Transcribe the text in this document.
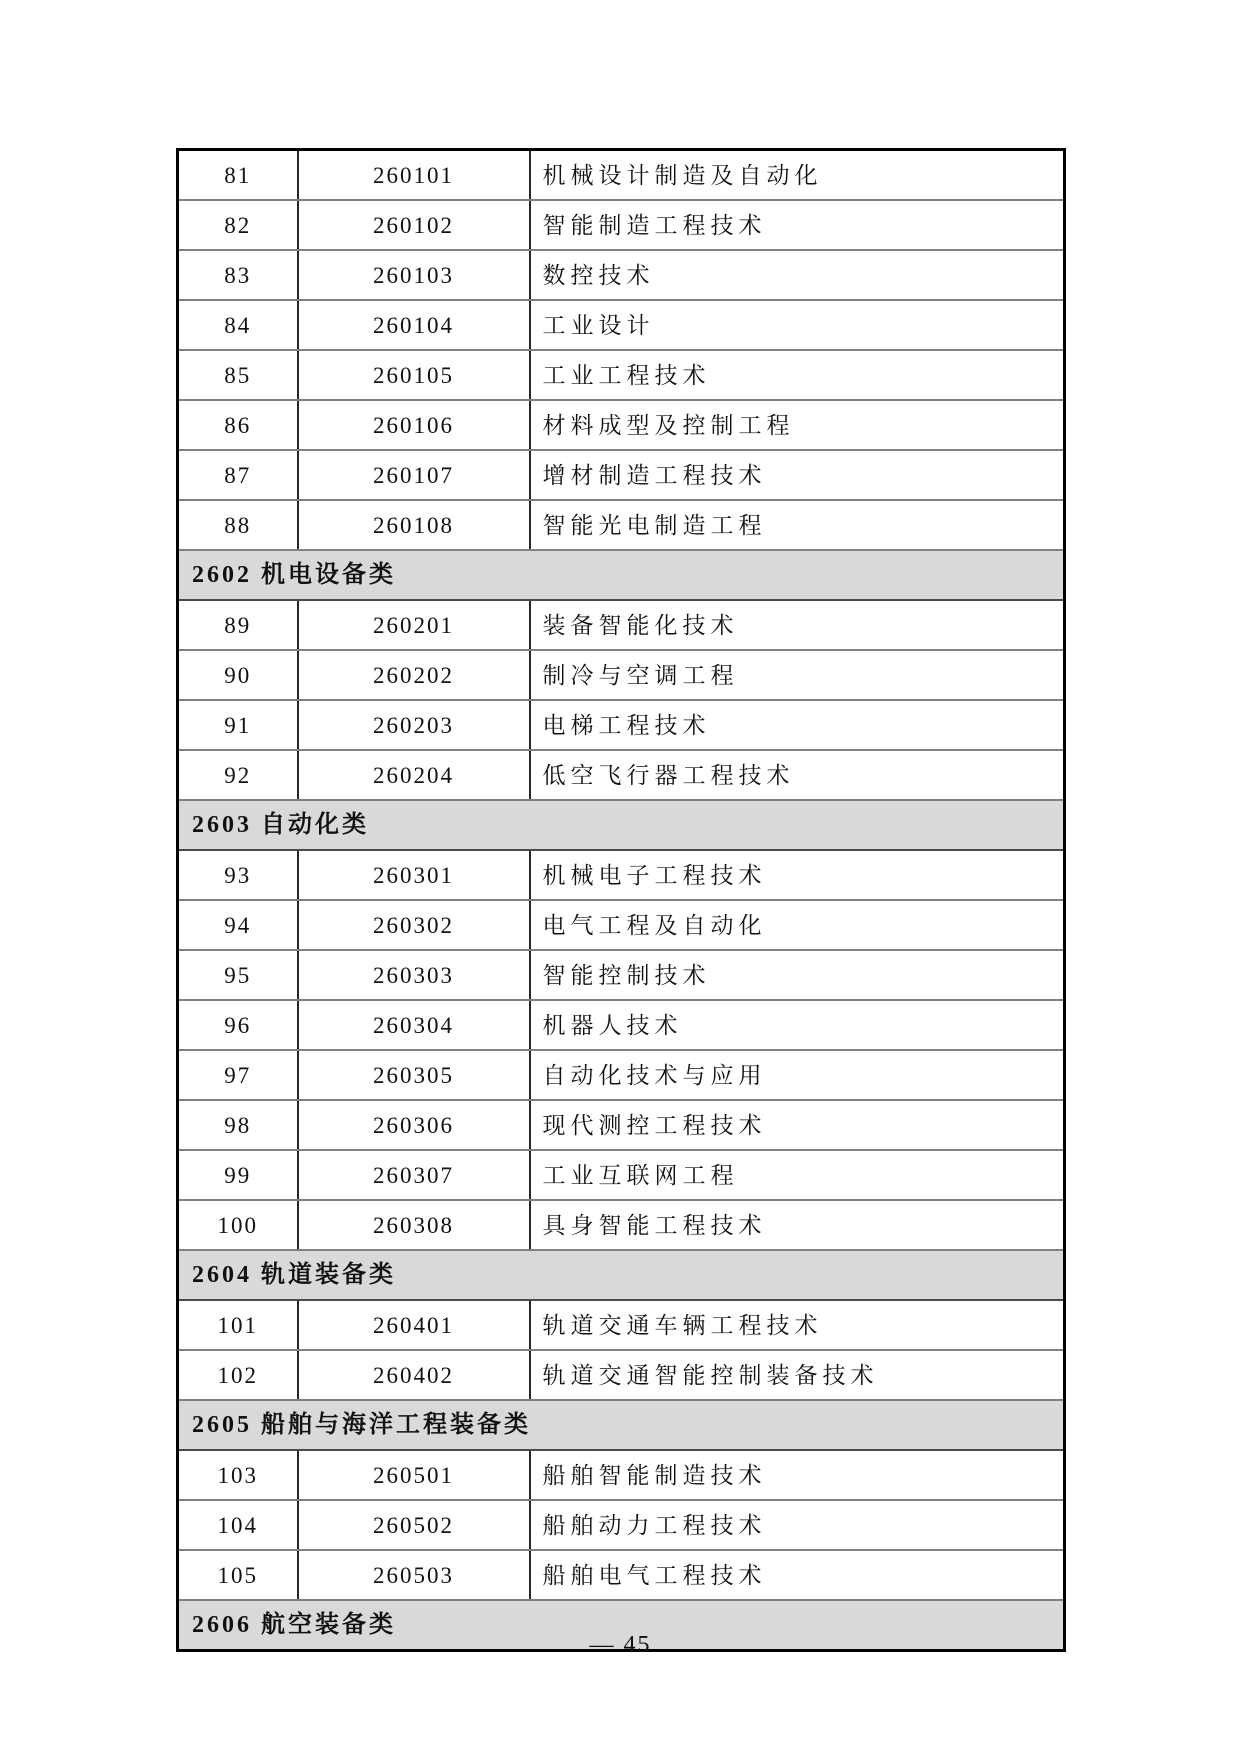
81	260101	机械设计制造及自动化
82	260102	智能制造工程技术
83	260103	数控技术
84	260104	工业设计
85	260105	工业工程技术
86	260106	材料成型及控制工程
87	260107	增材制造工程技术
88	260108	智能光电制造工程
2602 机电设备类		
89	260201	装备智能化技术
90	260202	制冷与空调工程
91	260203	电梯工程技术
92	260204	低空飞行器工程技术
2603 自动化类		
93	260301	机械电子工程技术
94	260302	电气工程及自动化
95	260303	智能控制技术
96	260304	机器人技术
97	260305	自动化技术与应用
98	260306	现代测控工程技术
99	260307	工业互联网工程
100	260308	具身智能工程技术
2604 轨道装备类		
101	260401	轨道交通车辆工程技术
102	260402	轨道交通智能控制装备技术
2605 船舶与海洋工程装备类		
103	260501	船舶智能制造技术
104	260502	船舶动力工程技术
105	260503	船舶电气工程技术
2606 航空装备类		
— 45
